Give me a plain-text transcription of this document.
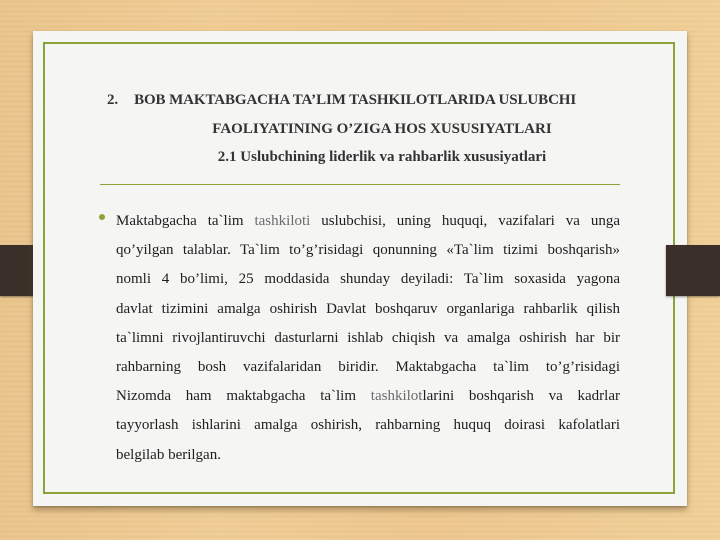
2. BOB MAKTABGACHA TA’LIM TASHKILOTLARIDA USLUBCHI
FAOLIYATINING O’ZIGA HOS XUSUSIYATLARI
2.1 Uslubchining liderlik va rahbarlik xususiyatlari
Maktabgacha ta`lim tashkiloti uslubchisi, uning huquqi, vazifalari va unga
qo’yilgan talablar. Ta`lim to’g’risidagi qonunning «Ta`lim tizimi boshqarish»
nomli 4 bo’limi, 25 moddasida shunday deyiladi: Ta`lim soxasida yagona
davlat tizimini amalga oshirish Davlat boshqaruv organlariga rahbarlik qilish
ta`limni rivojlantiruvchi dasturlarni ishlab chiqish va amalga oshirish har bir
rahbarning bosh vazifalaridan biridir. Maktabgacha ta`lim to’g’risidagi
Nizomda ham maktabgacha ta`lim tashkilotlarini boshqarish va kadrlar
tayyorlash ishlarini amalga oshirish, rahbarning huquq doirasi kafolatlari
belgilab berilgan.
